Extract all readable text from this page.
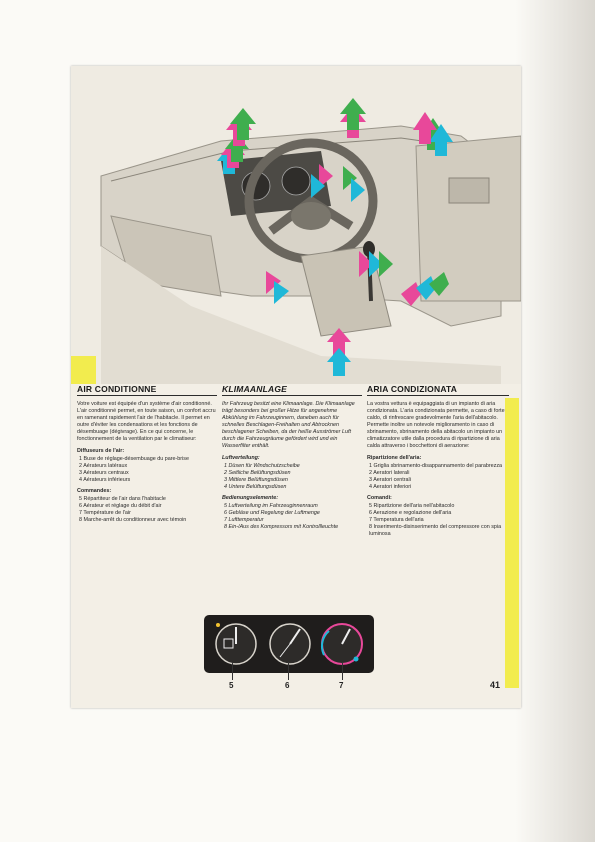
AIR CONDITIONNE

Votre voiture est équipée d'un système d'air conditionné. L'air conditionné permet, en toute saison, un confort accru en ramenant rapidement l'air de l'habitacle. Il permet en outre d'éviter les condensations et les fonctions de désembuage (dégivrage). En ce qui concerne, le fonctionnement de la ventilation par le climatiseur:

Diffuseurs de l'air:
1 Buse de réglage-désembuage du pare-brise
2 Aérateurs latéraux
3 Aérateurs centraux
4 Aérateurs inférieurs
Commandes:
5 Répartiteur de l'air dans l'habitacle
6 Aérateur et réglage du débit d'air
7 Température de l'air
8 Marche-arrêt du conditionneur avec témoin
KLIMAANLAGE

Ihr Fahrzeug besitzt eine Klimaanlage. Die Klimaanlage trägt besonders bei großer Hitze für angenehme Abkühlung im Fahrzeuginnern, daneben auch für schnelles Beschlagen-Freihalten und Abtrocknen beschlagener Scheiben, da der heiße Ausströmer Luft durch die Fahrzeugräume gefördert wird und ein Wasserfilter enthält.

Luftverteilung:
1 Düsen für Windschutzscheibe
2 Seitliche Belüftungsdüsen
3 Mittlere Belüftungsdüsen
4 Untere Belüftungsdüsen
Bedienungselemente:
5 Luftverteilung im Fahrzeuginnenraum
6 Gebläse und Regelung der Luftmenge
7 Lufttemperatur
8 Ein-/Aus des Kompressors mit Kontrollleuchte
ARIA CONDIZIONATA

La vostra vettura è equipaggiata di un impianto di aria condizionata. L'aria condizionata permette, a caso di forte caldo, di rinfrescare gradevolmente l'aria dell'abitacolo. Permette inoltre un notevole miglioramento in caso di sbrinamento, sbrinamento della abitacolo un impianto un climatizzatore utile dalla procedura di ripartizione di aria calda attraverso i bocchettoni di aerazione:

Ripartizione dell'aria:
1 Griglia sbrinamento-disappannamento del parabrezza
2 Aeratori laterali
3 Aeratori centrali
4 Aeratori inferiori
Comandi:
5 Ripartizione dell'aria nell'abitacolo
6 Aerazione e regolazione dell'aria
7 Temperatura dell'aria
8 Inserimento-disinserimento del compressore con spia luminosa
41
5	6	7
